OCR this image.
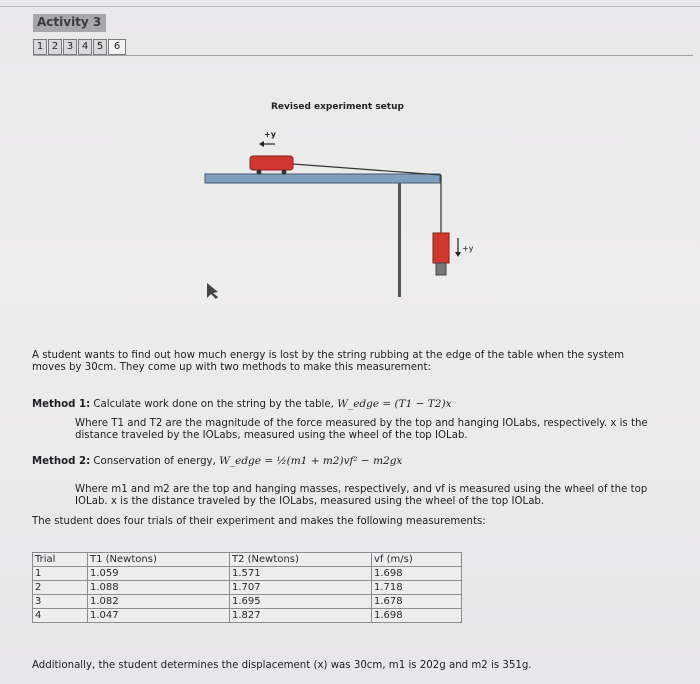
Activity 3
1 2 3 4 5	6
Revised experiment setup
+y
+y
A student wants to find out how much energy is lost by the string rubbing at the edge of the table when the system
moves by 30cm. They come up with two methods to make this measurement:
Method 1: Calculate work done on the string by the table, W_edge = (T1 − T2)x
Where T1 and T2 are the magnitude of the force measured by the top and hanging IOLabs, respectively. x is the
distance traveled by the IOLabs, measured using the wheel of the top IOLab.
Method 2: Conservation of energy, W_edge = ½(m1 + m2)vf² − m2gx
Where m1 and m2 are the top and hanging masses, respectively, and vf is measured using the wheel of the top
IOLab. x is the distance traveled by the IOLabs, measured using the wheel of the top IOLab.
The student does four trials of their experiment and makes the following measurements:
Trial	T1 (Newtons)	T2 (Newtons)	vf (m/s)
1	1.059	1.571	1.698
2	1.088	1.707	1.718
3	1.082	1.695	1.678
4	1.047	1.827	1.698
Additionally, the student determines the displacement (x) was 30cm, m1 is 202g and m2 is 351g.
